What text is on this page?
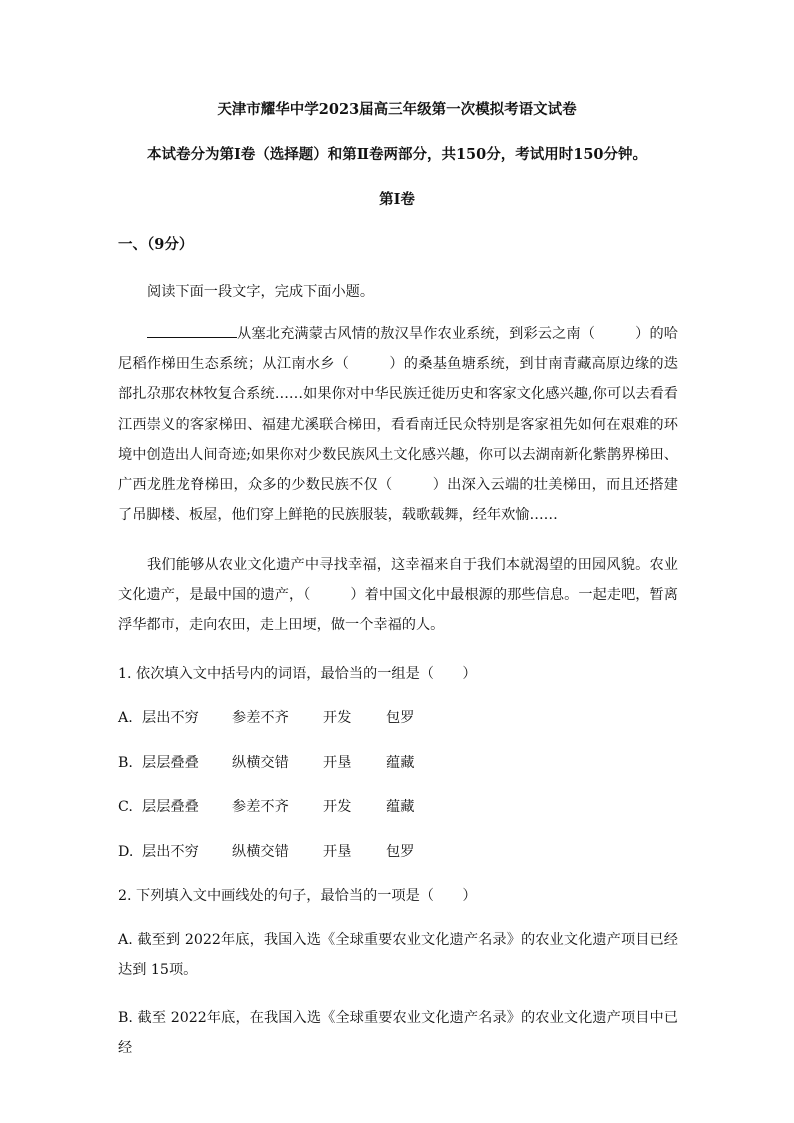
天津市耀华中学2023届高三年级第一次模拟考语文试卷
本试卷分为第Ⅰ卷（选择题）和第Ⅱ卷两部分，共150分，考试用时150分钟。
第Ⅰ卷
一、（9分）

阅读下面一段文字，完成下面小题。

从塞北充满蒙古风情的敖汉旱作农业系统，到彩云之南（	）的哈尼稻作梯田生态系统；从江南水乡（	）的桑基鱼塘系统，到甘南青藏高原边缘的迭部扎尕那农林牧复合系统……如果你对中华民族迁徙历史和客家文化感兴趣,你可以去看看江西崇义的客家梯田、福建尤溪联合梯田，看看南迁民众特别是客家祖先如何在艰难的环境中创造出人间奇迹;如果你对少数民族风土文化感兴趣，你可以去湖南新化紫鹊界梯田、广西龙胜龙脊梯田，众多的少数民族不仅（	）出深入云端的壮美梯田，而且还搭建了吊脚楼、板屋，他们穿上鲜艳的民族服装，载歌载舞，经年欢愉……

我们能够从农业文化遗产中寻找幸福，这幸福来自于我们本就渴望的田园风貌。农业文化遗产，是最中国的遗产，（	）着中国文化中最根源的那些信息。一起走吧，暂离浮华都市，走向农田，走上田埂，做一个幸福的人。

1. 依次填入文中括号内的词语，最恰当的一组是（　　）

A. 层出不穷 参差不齐 开发 包罗
B. 层层叠叠 纵横交错 开垦 蕴藏
C. 层层叠叠 参差不齐 开发 蕴藏
D. 层出不穷 纵横交错 开垦 包罗

2. 下列填入文中画线处的句子，最恰当的一项是（　　）

A. 截至到 2022年底，我国入选《全球重要农业文化遗产名录》的农业文化遗产项目已经达到 15项。

B. 截至 2022年底，在我国入选《全球重要农业文化遗产名录》的农业文化遗产项目中已经
